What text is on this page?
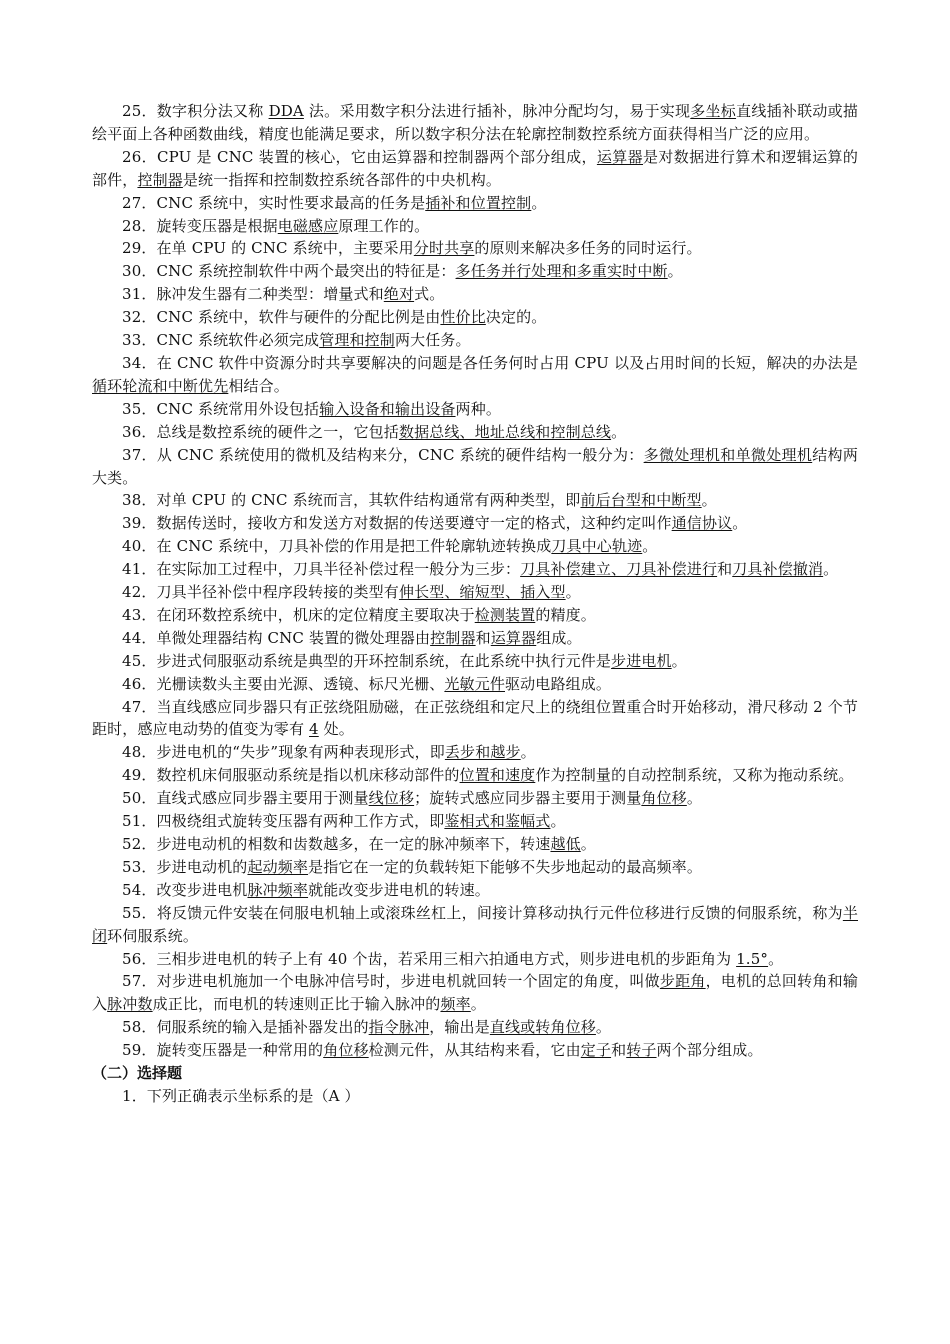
25．数字积分法又称 DDA 法。采用数字积分法进行插补，脉冲分配均匀，易于实现多坐标直线插补联动或描绘平面上各种函数曲线，精度也能满足要求，所以数字积分法在轮廓控制数控系统方面获得相当广泛的应用。

26．CPU 是 CNC 装置的核心，它由运算器和控制器两个部分组成，运算器是对数据进行算术和逻辑运算的部件，控制器是统一指挥和控制数控系统各部件的中央机构。

27．CNC 系统中，实时性要求最高的任务是插补和位置控制。

28．旋转变压器是根据电磁感应原理工作的。

29．在单 CPU 的 CNC 系统中，主要采用分时共享的原则来解决多任务的同时运行。

30．CNC 系统控制软件中两个最突出的特征是：多任务并行处理和多重实时中断。

31．脉冲发生器有二种类型：增量式和绝对式。

32．CNC 系统中，软件与硬件的分配比例是由性价比决定的。

33．CNC 系统软件必须完成管理和控制两大任务。

34．在 CNC 软件中资源分时共享要解决的问题是各任务何时占用 CPU 以及占用时间的长短，解决的办法是循环轮流和中断优先相结合。

35．CNC 系统常用外设包括输入设备和输出设备两种。

36．总线是数控系统的硬件之一，它包括数据总线、地址总线和控制总线。

37．从 CNC 系统使用的微机及结构来分，CNC 系统的硬件结构一般分为：多微处理机和单微处理机结构两大类。

38．对单 CPU 的 CNC 系统而言，其软件结构通常有两种类型，即前后台型和中断型。

39．数据传送时，接收方和发送方对数据的传送要遵守一定的格式，这种约定叫作通信协议。

40．在 CNC 系统中，刀具补偿的作用是把工件轮廓轨迹转换成刀具中心轨迹。

41．在实际加工过程中，刀具半径补偿过程一般分为三步：刀具补偿建立、刀具补偿进行和刀具补偿撤消。

42．刀具半径补偿中程序段转接的类型有伸长型、缩短型、插入型。

43．在闭环数控系统中，机床的定位精度主要取决于检测装置的精度。

44．单微处理器结构 CNC 装置的微处理器由控制器和运算器组成。

45．步进式伺服驱动系统是典型的开环控制系统，在此系统中执行元件是步进电机。

46．光栅读数头主要由光源、透镜、标尺光栅、光敏元件驱动电路组成。

47．当直线感应同步器只有正弦绕阻励磁，在正弦绕组和定尺上的绕组位置重合时开始移动，滑尺移动 2 个节距时，感应电动势的值变为零有 4 处。

48．步进电机的“失步”现象有两种表现形式，即丢步和越步。

49．数控机床伺服驱动系统是指以机床移动部件的位置和速度作为控制量的自动控制系统，又称为拖动系统。

50．直线式感应同步器主要用于测量线位移；旋转式感应同步器主要用于测量角位移。

51．四极绕组式旋转变压器有两种工作方式，即鉴相式和鉴幅式。

52．步进电动机的相数和齿数越多，在一定的脉冲频率下，转速越低。

53．步进电动机的起动频率是指它在一定的负载转矩下能够不失步地起动的最高频率。

54．改变步进电机脉冲频率就能改变步进电机的转速。

55．将反馈元件安装在伺服电机轴上或滚珠丝杠上，间接计算移动执行元件位移进行反馈的伺服系统，称为半闭环伺服系统。

56．三相步进电机的转子上有 40 个齿，若采用三相六拍通电方式，则步进电机的步距角为 1.5°。

57．对步进电机施加一个电脉冲信号时，步进电机就回转一个固定的角度，叫做步距角，电机的总回转角和输入脉冲数成正比，而电机的转速则正比于输入脉冲的频率。

58．伺服系统的输入是插补器发出的指令脉冲，输出是直线或转角位移。

59．旋转变压器是一种常用的角位移检测元件，从其结构来看，它由定子和转子两个部分组成。

（二）选择题

1．下列正确表示坐标系的是（A ）
